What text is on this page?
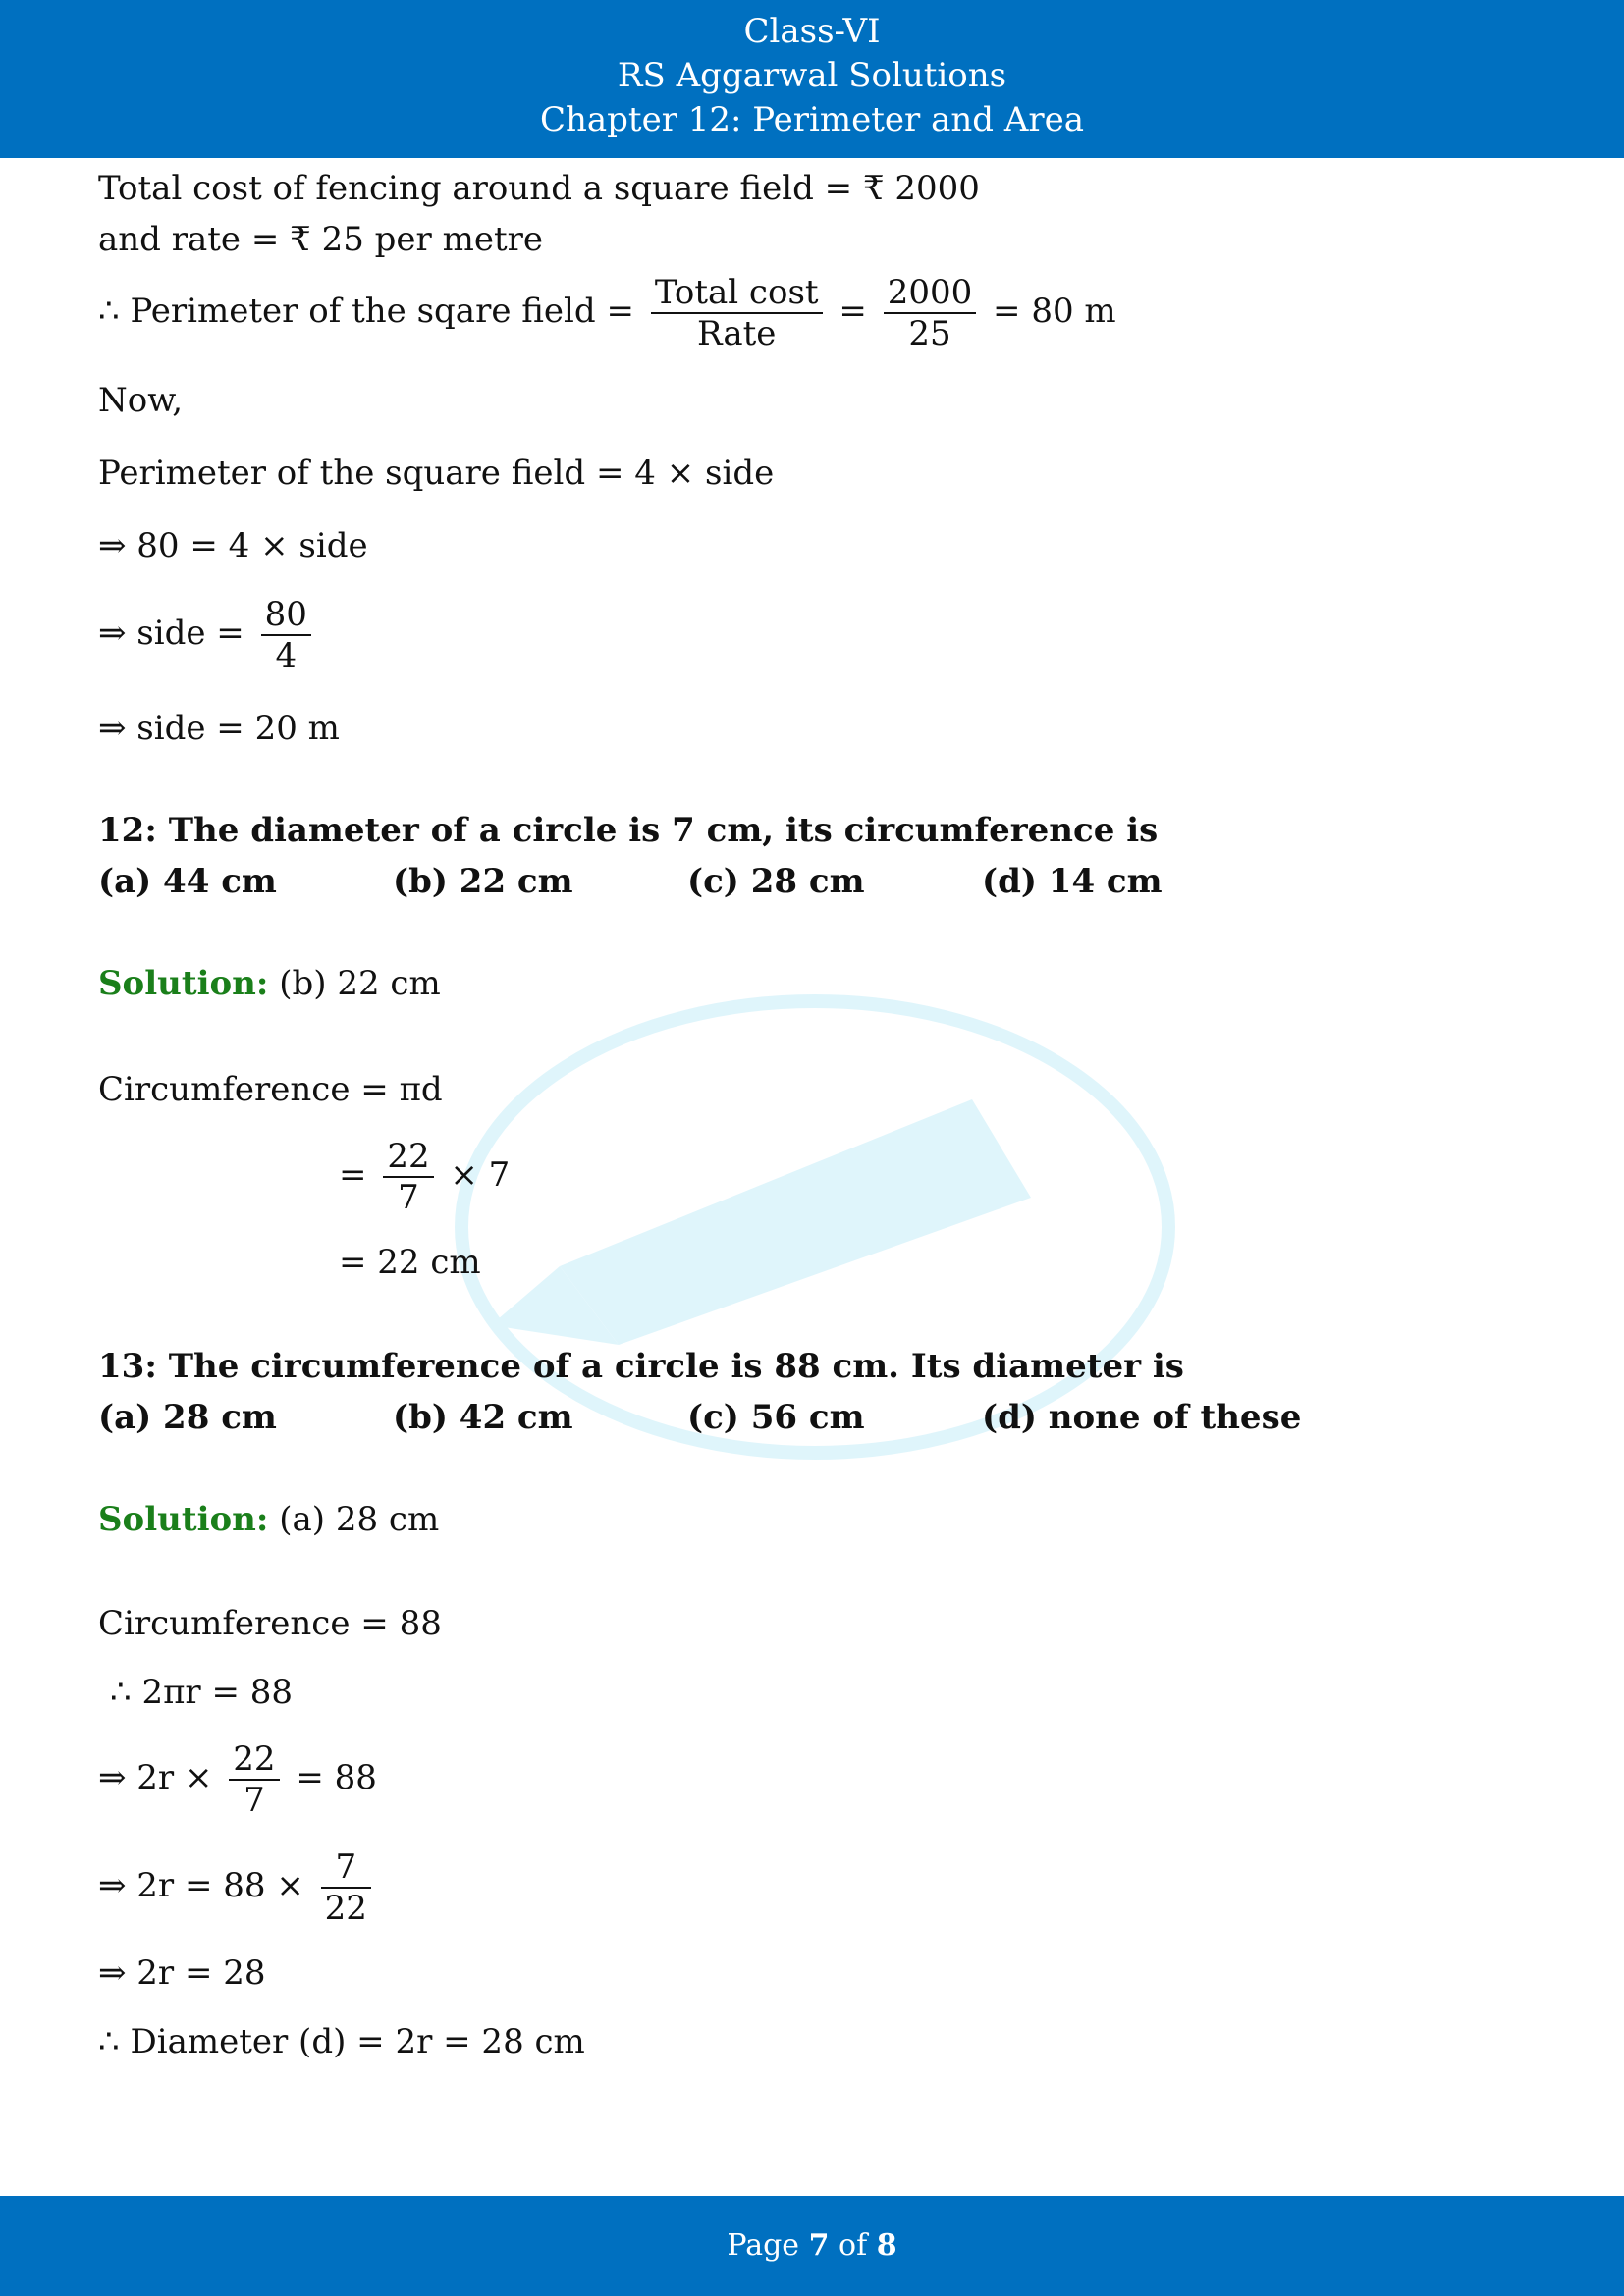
Class-VI
RS Aggarwal Solutions
Chapter 12: Perimeter and Area
Total cost of fencing around a square field = ₹ 2000
and rate = ₹ 25 per metre
∴ Perimeter of the sqare field = $\frac{\text{Total cost}}{\text{Rate}} = \frac{2000}{25} = 80$ m
Now,
Perimeter of the square field = 4 × side
⇒ 80 = 4 × side
⇒ side = $\frac{80}{4}$
⇒ side = 20 m
12: The diameter of a circle is 7 cm, its circumference is
(a) 44 cm	(b) 22 cm	(c) 28 cm	(d) 14 cm
Solution: (b) 22 cm
Circumference = πd
= $\frac{22}{7} \times 7$
= 22 cm
13: The circumference of a circle is 88 cm. Its diameter is
(a) 28 cm	(b) 42 cm	(c) 56 cm	(d) none of these
Solution: (a) 28 cm
Circumference = 88
∴ 2πr = 88
⇒ $2r \times \frac{22}{7} = 88$
⇒ $2r = 88 \times \frac{7}{22}$
⇒ 2r = 28
∴ Diameter (d) = 2r = 28 cm
Page 7 of 8
